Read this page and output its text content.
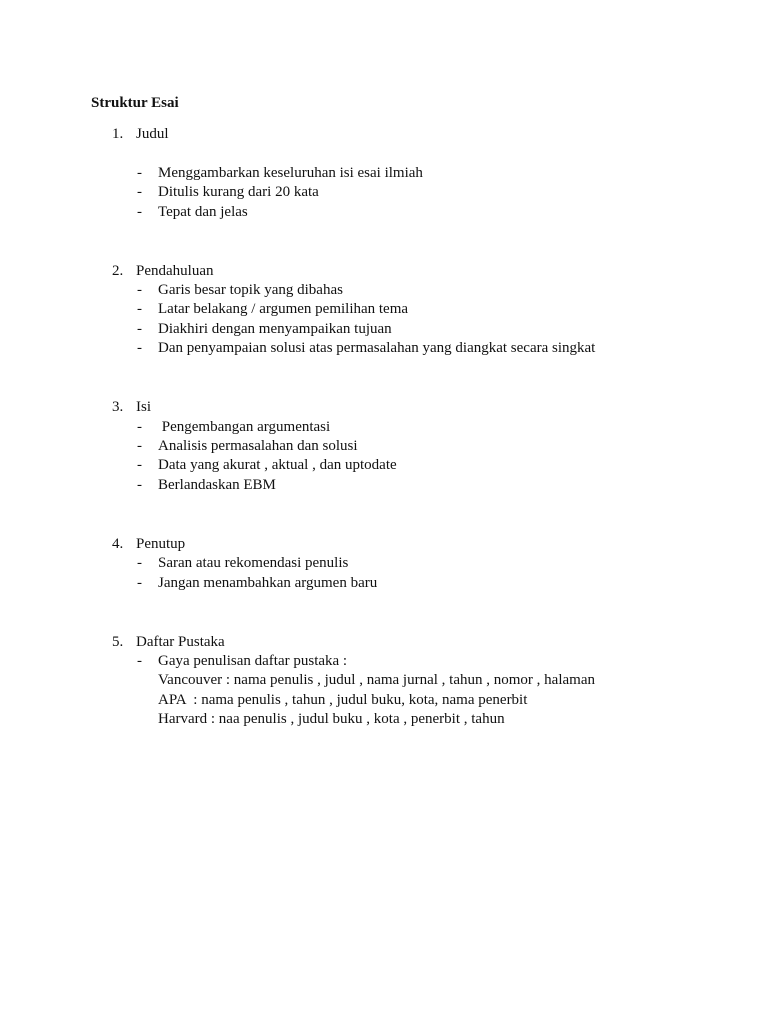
Struktur Esai
1. Judul
- Menggambarkan keseluruhan isi esai ilmiah
- Ditulis kurang dari 20 kata
- Tepat dan jelas
2. Pendahuluan
- Garis besar topik yang dibahas
- Latar belakang / argumen pemilihan tema
- Diakhiri dengan menyampaikan tujuan
- Dan penyampaian solusi atas permasalahan yang diangkat secara singkat
3. Isi
- Pengembangan argumentasi
- Analisis permasalahan dan solusi
- Data yang akurat , aktual , dan uptodate
- Berlandaskan EBM
4. Penutup
- Saran atau rekomendasi penulis
- Jangan menambahkan argumen baru
5. Daftar Pustaka
- Gaya penulisan daftar pustaka :
Vancouver : nama penulis , judul , nama jurnal , tahun , nomor , halaman
APA  : nama penulis , tahun , judul buku, kota, nama penerbit
Harvard : naa penulis , judul buku , kota , penerbit , tahun
